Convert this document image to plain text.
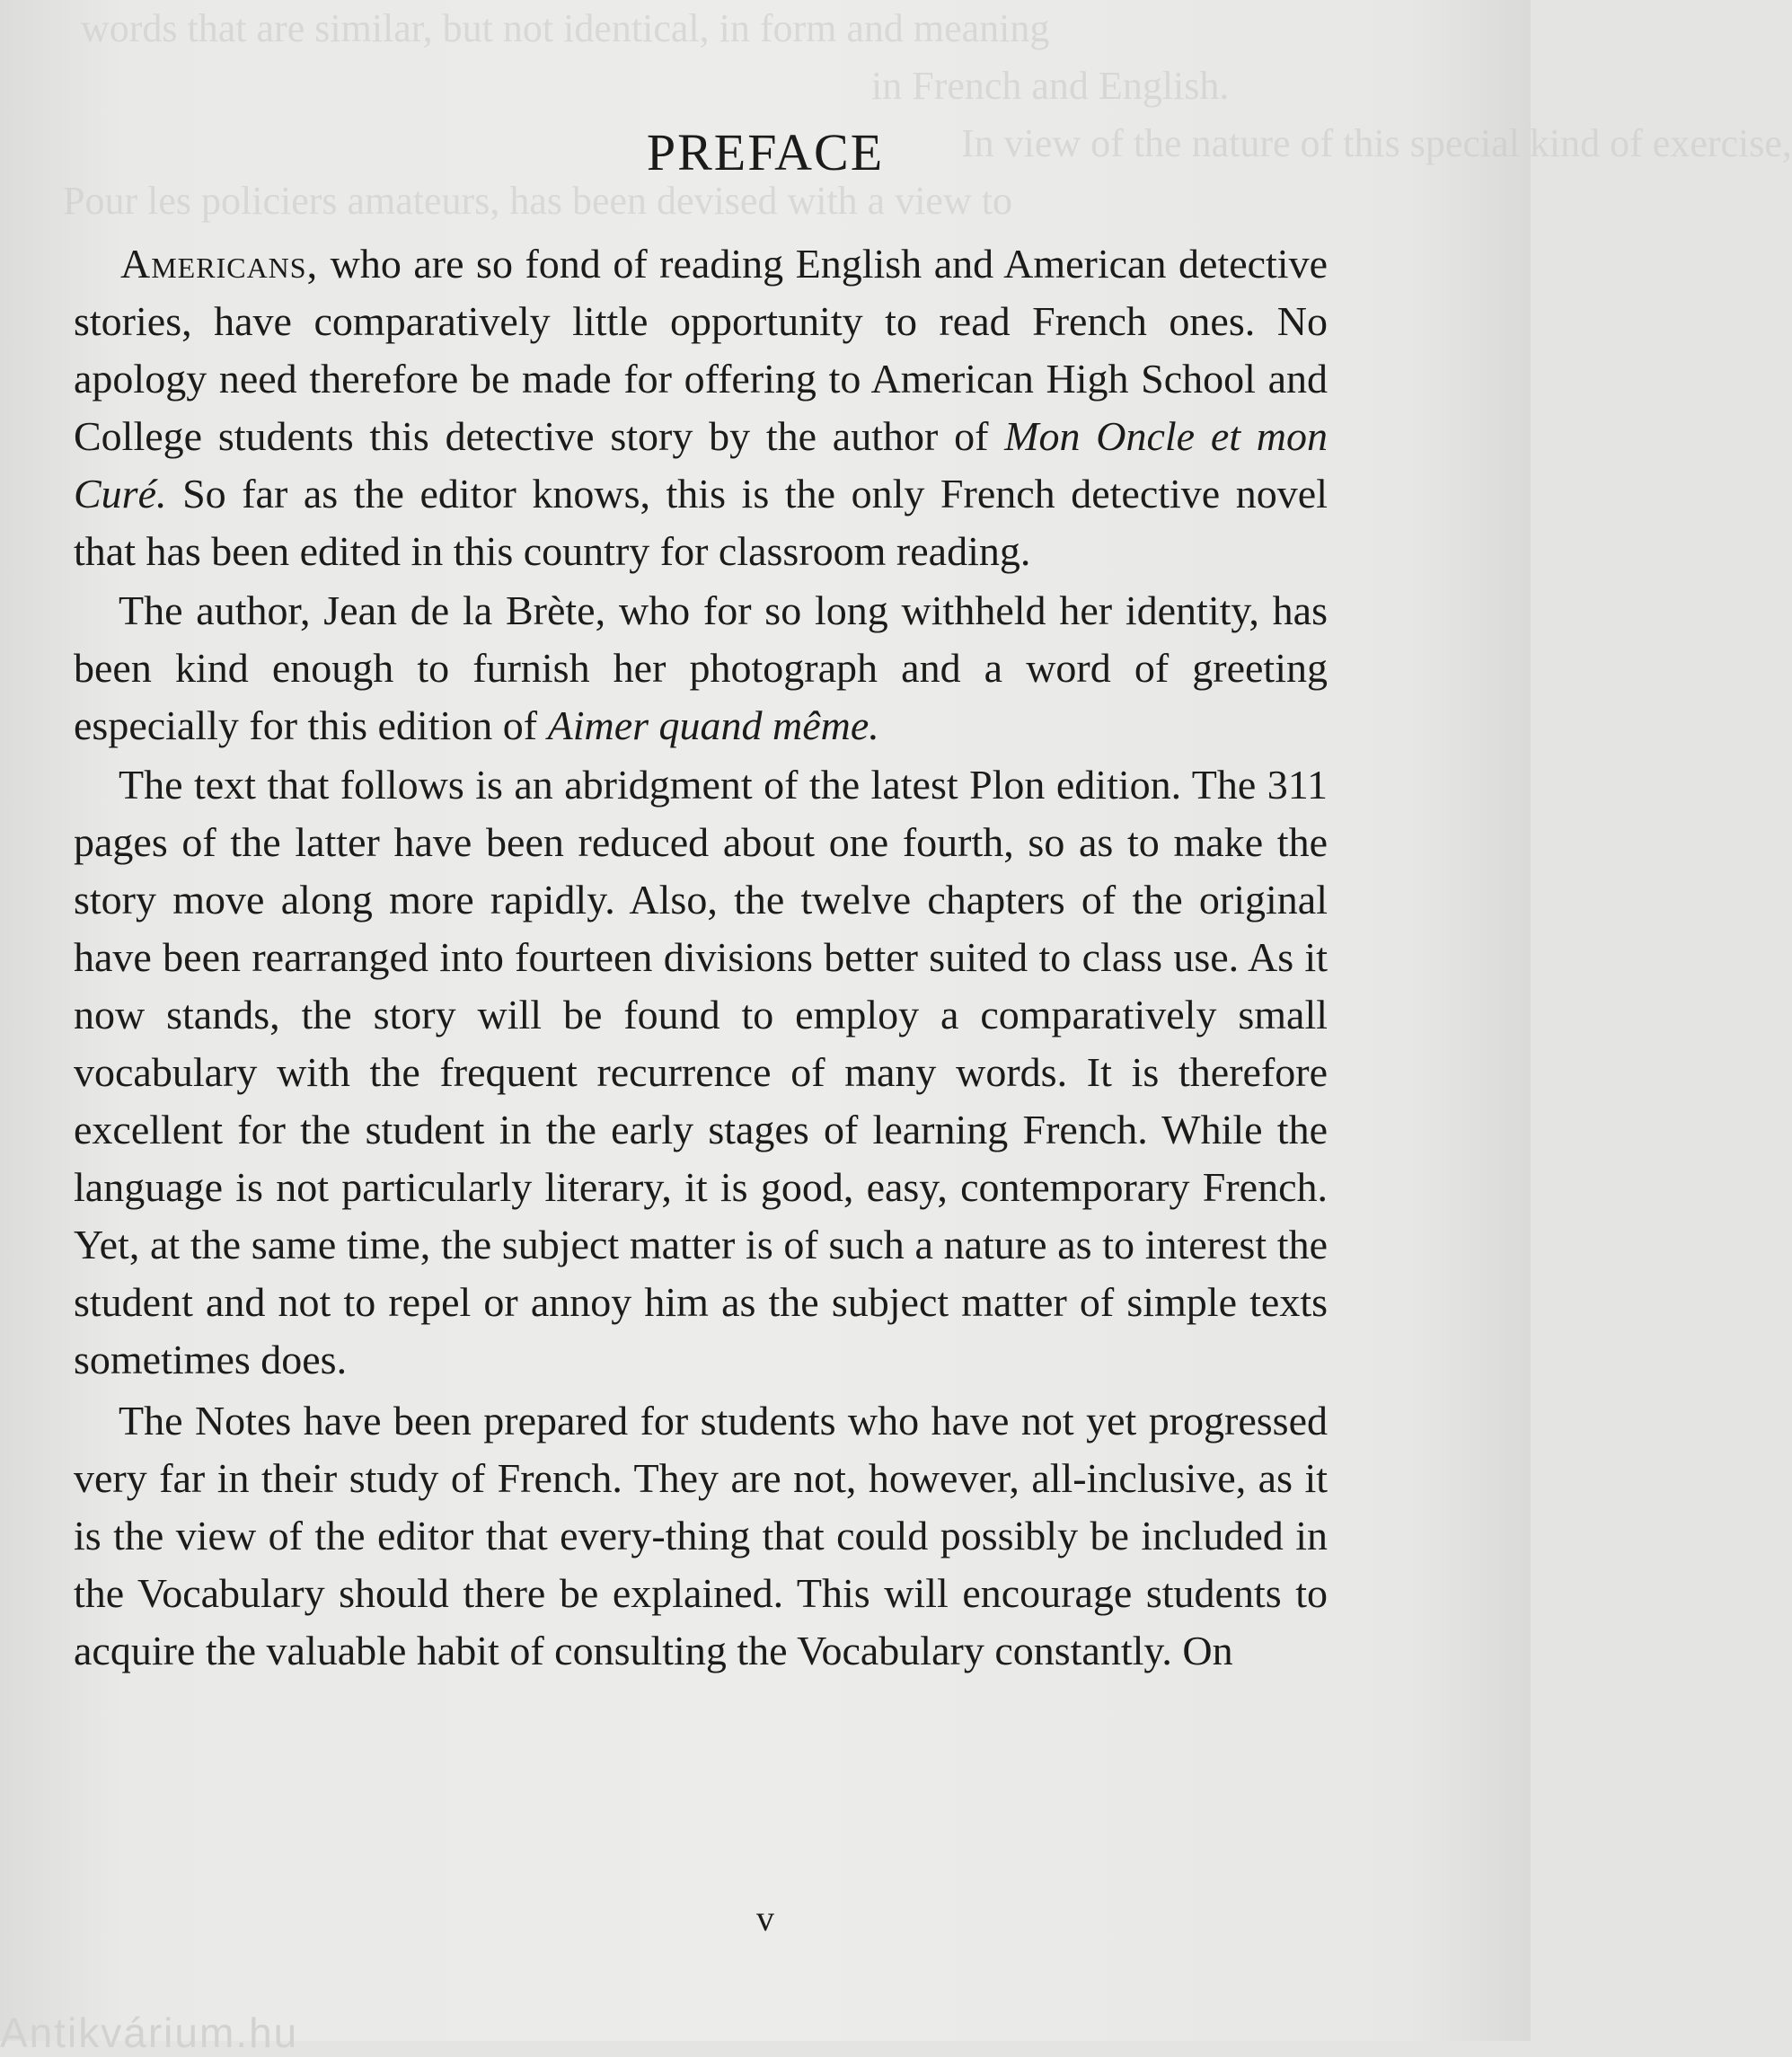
words that are similar, but not identical, in form and meaning
in French and English.
In view of the nature of this special kind of exercise,
Pour les policiers amateurs, has been devised with a view to
PREFACE

Americans, who are so fond of reading English and American detective stories, have comparatively little opportunity to read French ones. No apology need therefore be made for offering to American High School and College students this detective story by the author of Mon Oncle et mon Curé. So far as the editor knows, this is the only French detective novel that has been edited in this country for classroom reading.

The author, Jean de la Brète, who for so long withheld her identity, has been kind enough to furnish her photograph and a word of greeting especially for this edition of Aimer quand même.

The text that follows is an abridgment of the latest Plon edition. The 311 pages of the latter have been reduced about one fourth, so as to make the story move along more rapidly. Also, the twelve chapters of the original have been rearranged into fourteen divisions better suited to class use. As it now stands, the story will be found to employ a comparatively small vocabulary with the frequent recurrence of many words. It is therefore excellent for the student in the early stages of learning French. While the language is not particularly literary, it is good, easy, contemporary French. Yet, at the same time, the subject matter is of such a nature as to interest the student and not to repel or annoy him as the subject matter of simple texts sometimes does.

The Notes have been prepared for students who have not yet progressed very far in their study of French. They are not, however, all-inclusive, as it is the view of the editor that every-thing that could possibly be included in the Vocabulary should there be explained. This will encourage students to acquire the valuable habit of consulting the Vocabulary constantly. On

v
Antikvárium.hu
